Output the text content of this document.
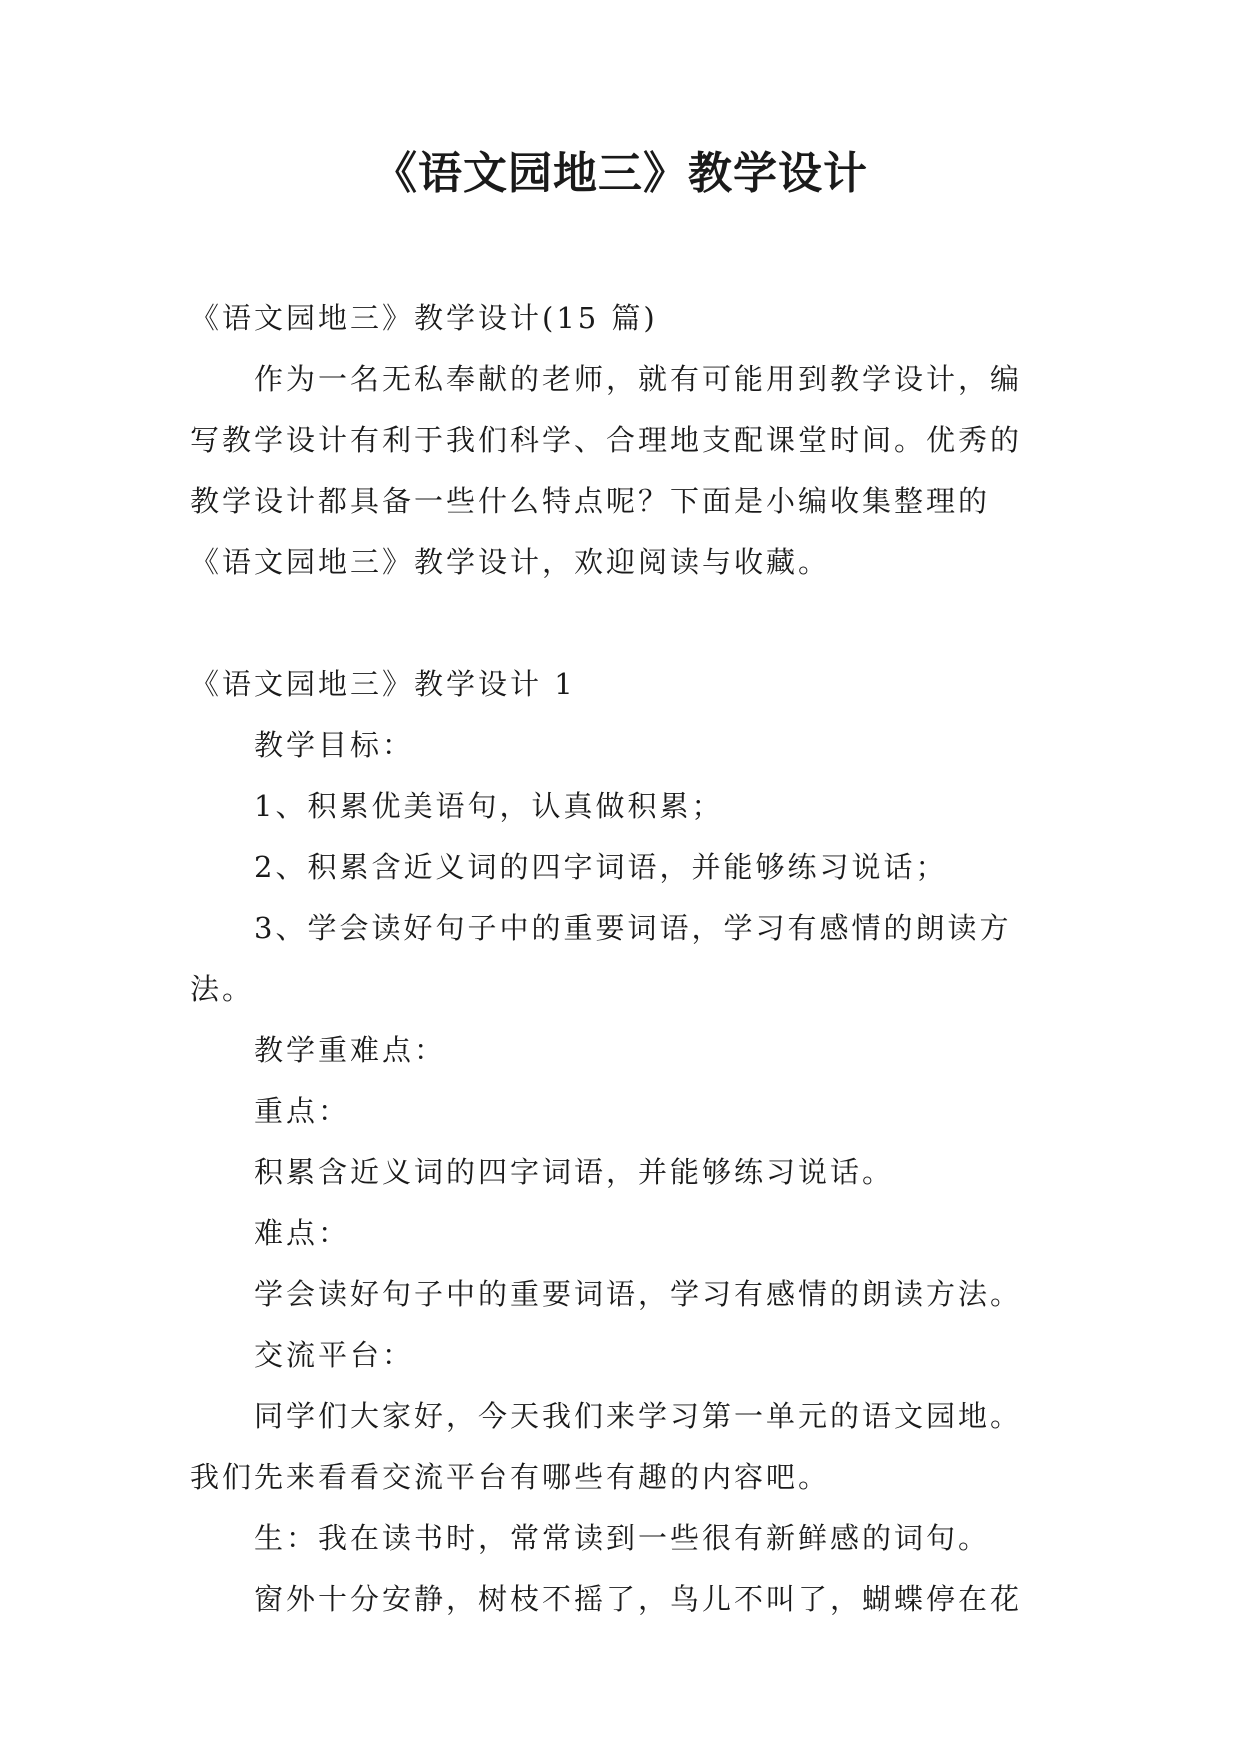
《语文园地三》教学设计

《语文园地三》教学设计(15 篇)

作为一名无私奉献的老师，就有可能用到教学设计，编写教学设计有利于我们科学、合理地支配课堂时间。优秀的教学设计都具备一些什么特点呢？下面是小编收集整理的《语文园地三》教学设计，欢迎阅读与收藏。

《语文园地三》教学设计 1

教学目标：

1、积累优美语句，认真做积累；

2、积累含近义词的四字词语，并能够练习说话；

3、学会读好句子中的重要词语，学习有感情的朗读方法。

教学重难点：

重点：

积累含近义词的四字词语，并能够练习说话。

难点：

学会读好句子中的重要词语，学习有感情的朗读方法。

交流平台：

同学们大家好，今天我们来学习第一单元的语文园地。我们先来看看交流平台有哪些有趣的内容吧。

生：我在读书时，常常读到一些很有新鲜感的词句。

窗外十分安静，树枝不摇了，鸟儿不叫了，蝴蝶停在花
